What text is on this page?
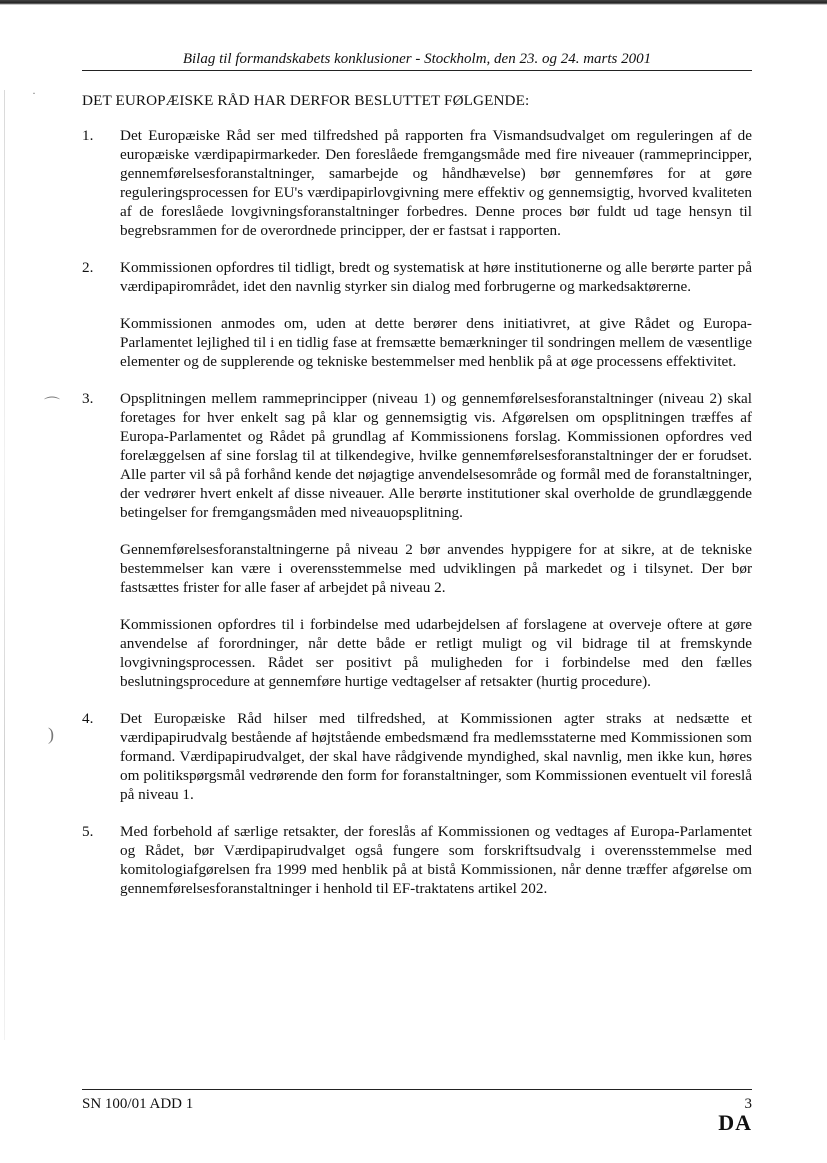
·
⌒
)
Bilag til formandskabets konklusioner - Stockholm, den 23. og 24. marts 2001
DET EUROPÆISKE RÅD HAR DERFOR BESLUTTET FØLGENDE:
1. Det Europæiske Råd ser med tilfredshed på rapporten fra Vismandsudvalget om reguleringen af de europæiske værdipapirmarkeder. Den foreslåede fremgangsmåde med fire niveauer (rammeprincipper, gennemførelsesforanstaltninger, samarbejde og håndhævelse) bør gennemføres for at gøre reguleringsprocessen for EU's værdipapirlovgivning mere effektiv og gennemsigtig, hvorved kvaliteten af de foreslåede lovgivningsforanstaltninger forbedres. Denne proces bør fuldt ud tage hensyn til begrebsrammen for de overordnede principper, der er fastsat i rapporten.
2. Kommissionen opfordres til tidligt, bredt og systematisk at høre institutionerne og alle berørte parter på værdipapirområdet, idet den navnlig styrker sin dialog med forbrugerne og markedsaktørerne.
Kommissionen anmodes om, uden at dette berører dens initiativret, at give Rådet og Europa-Parlamentet lejlighed til i en tidlig fase at fremsætte bemærkninger til sondringen mellem de væsentlige elementer og de supplerende og tekniske bestemmelser med henblik på at øge processens effektivitet.
3. Opsplitningen mellem rammeprincipper (niveau 1) og gennemførelsesforanstaltninger (niveau 2) skal foretages for hver enkelt sag på klar og gennemsigtig vis. Afgørelsen om opsplitningen træffes af Europa-Parlamentet og Rådet på grundlag af Kommissionens forslag. Kommissionen opfordres ved forelæggelsen af sine forslag til at tilkendegive, hvilke gennemførelsesforanstaltninger der er forudset. Alle parter vil så på forhånd kende det nøjagtige anvendelsesområde og formål med de foranstaltninger, der vedrører hvert enkelt af disse niveauer. Alle berørte institutioner skal overholde de grundlæggende betingelser for fremgangsmåden med niveauopsplitning.
Gennemførelsesforanstaltningerne på niveau 2 bør anvendes hyppigere for at sikre, at de tekniske bestemmelser kan være i overensstemmelse med udviklingen på markedet og i tilsynet. Der bør fastsættes frister for alle faser af arbejdet på niveau 2.
Kommissionen opfordres til i forbindelse med udarbejdelsen af forslagene at overveje oftere at gøre anvendelse af forordninger, når dette både er retligt muligt og vil bidrage til at fremskynde lovgivningsprocessen. Rådet ser positivt på muligheden for i forbindelse med den fælles beslutningsprocedure at gennemføre hurtige vedtagelser af retsakter (hurtig procedure).
4. Det Europæiske Råd hilser med tilfredshed, at Kommissionen agter straks at nedsætte et værdipapirudvalg bestående af højtstående embedsmænd fra medlemsstaterne med Kommissionen som formand. Værdipapirudvalget, der skal have rådgivende myndighed, skal navnlig, men ikke kun, høres om politikspørgsmål vedrørende den form for foranstaltninger, som Kommissionen eventuelt vil foreslå på niveau 1.
5. Med forbehold af særlige retsakter, der foreslås af Kommissionen og vedtages af Europa-Parlamentet og Rådet, bør Værdipapirudvalget også fungere som forskriftsudvalg i overensstemmelse med komitologiafgørelsen fra 1999 med henblik på at bistå Kommissionen, når denne træffer afgørelse om gennemførelsesforanstaltninger i henhold til EF-traktatens artikel 202.
SN 100/01 ADD 1	3
DA
